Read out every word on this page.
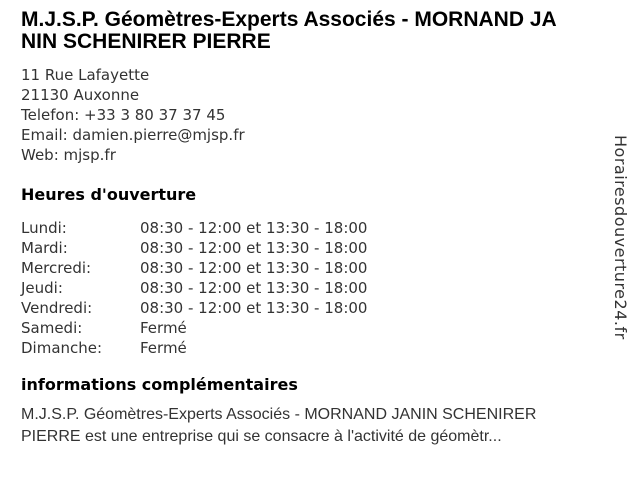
M.J.S.P. Géomètres-Experts Associés - MORNAND JA
NIN SCHENIRER PIERRE
11 Rue Lafayette
21130 Auxonne
Telefon: +33 3 80 37 37 45
Email: damien.pierre@mjsp.fr
Web: mjsp.fr
Heures d'ouverture
Lundi:	08:30 - 12:00 et 13:30 - 18:00
Mardi:	08:30 - 12:00 et 13:30 - 18:00
Mercredi:	08:30 - 12:00 et 13:30 - 18:00
Jeudi:	08:30 - 12:00 et 13:30 - 18:00
Vendredi:	08:30 - 12:00 et 13:30 - 18:00
Samedi:	Fermé
Dimanche:	Fermé
informations complémentaires
M.J.S.P. Géomètres-Experts Associés - MORNAND JANIN SCHENIRER
PIERRE est une entreprise qui se consacre à l'activité de géomètr...
Horairesdouverture24.fr
